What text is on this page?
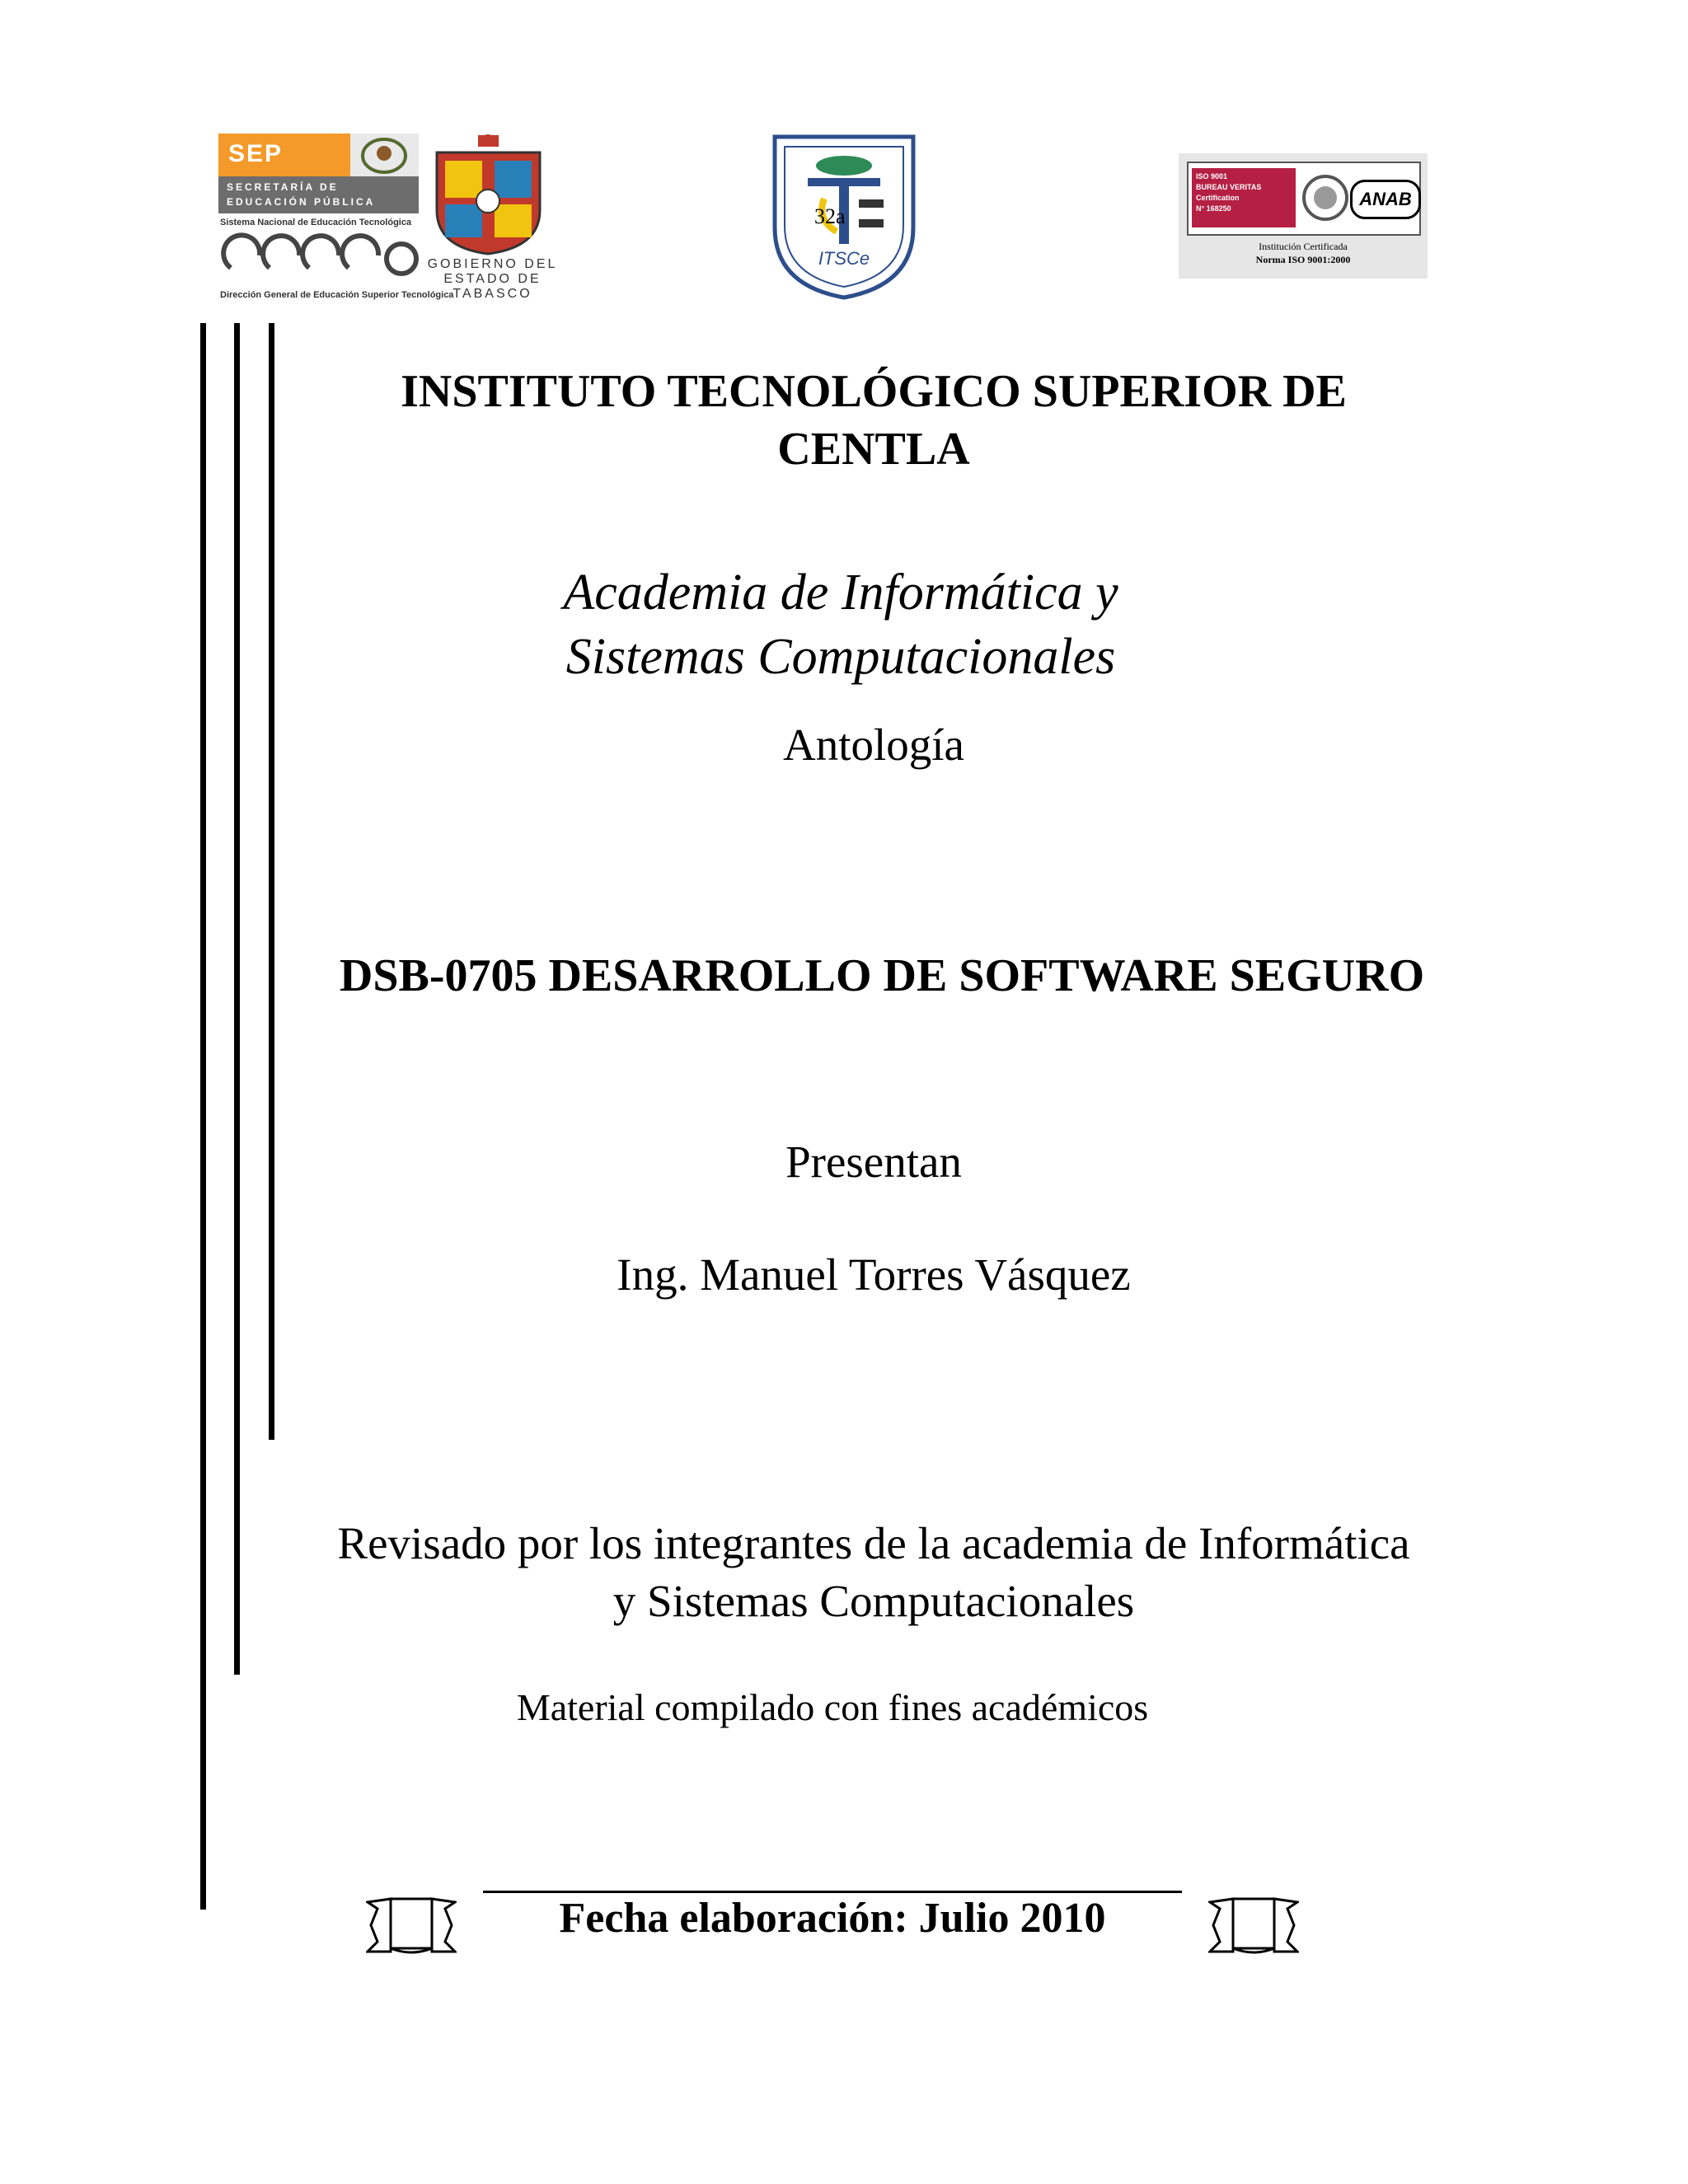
SEP
SECRETARÍA DE
EDUCACIÓN PÚBLICA
Sistema Nacional de Educación Tecnológica
Dirección General de Educación Superior Tecnológica
GOBIERNO DEL
ESTADO DE
TABASCO
ITSCe
32a
ISO 9001
BUREAU VERITAS
Certification
N° 168250	ANAB
Institución Certificada
Norma ISO 9001:2000
INSTITUTO TECNOLÓGICO SUPERIOR DE
CENTLA
Academia de Informática y
Sistemas Computacionales
Antología
DSB-0705 DESARROLLO DE SOFTWARE SEGURO
Presentan
Ing. Manuel Torres Vásquez
Revisado por los integrantes de la academia de Informática
y Sistemas Computacionales
Material compilado con fines académicos
Fecha elaboración: Julio 2010
